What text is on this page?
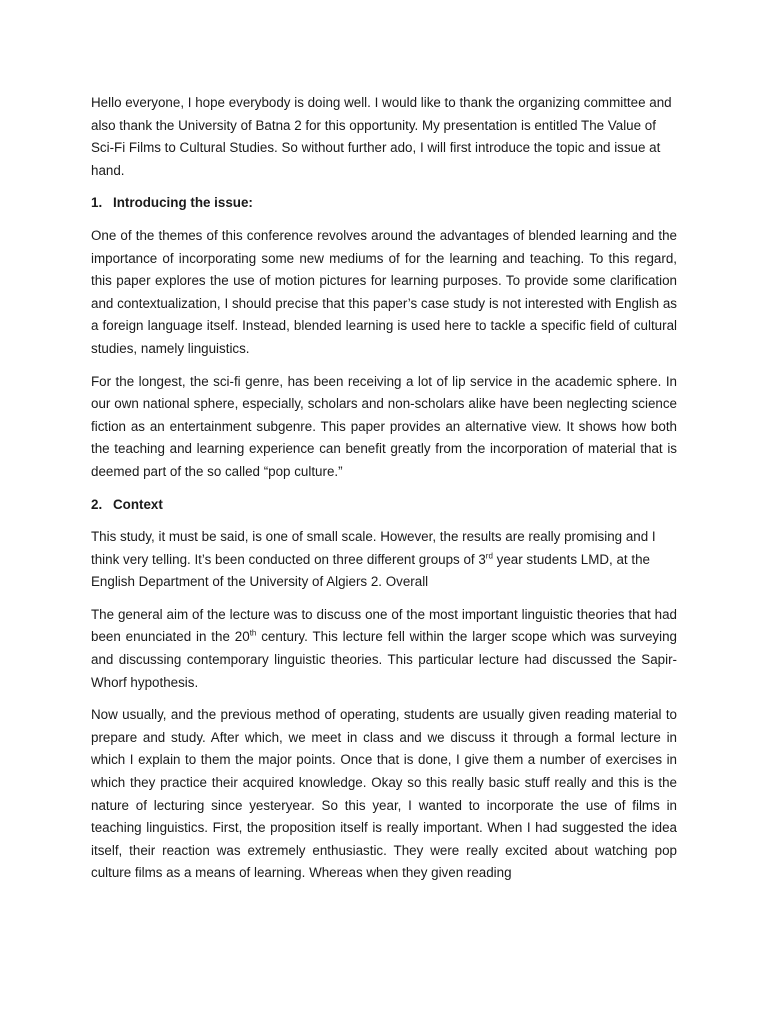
Hello everyone, I hope everybody is doing well. I would like to thank the organizing committee and also thank the University of Batna 2 for this opportunity. My presentation is entitled The Value of Sci-Fi Films to Cultural Studies. So without further ado, I will first introduce the topic and issue at hand.

1. Introducing the issue:

One of the themes of this conference revolves around the advantages of blended learning and the importance of incorporating some new mediums of for the learning and teaching. To this regard, this paper explores the use of motion pictures for learning purposes. To provide some clarification and contextualization, I should precise that this paper’s case study is not interested with English as a foreign language itself. Instead, blended learning is used here to tackle a specific field of cultural studies, namely linguistics.

For the longest, the sci-fi genre, has been receiving a lot of lip service in the academic sphere. In our own national sphere, especially, scholars and non-scholars alike have been neglecting science fiction as an entertainment subgenre. This paper provides an alternative view. It shows how both the teaching and learning experience can benefit greatly from the incorporation of material that is deemed part of the so called “pop culture.”

2. Context

This study, it must be said, is one of small scale. However, the results are really promising and I think very telling. It’s been conducted on three different groups of 3rd year students LMD, at the English Department of the University of Algiers 2. Overall

The general aim of the lecture was to discuss one of the most important linguistic theories that had been enunciated in the 20th century. This lecture fell within the larger scope which was surveying and discussing contemporary linguistic theories. This particular lecture had discussed the Sapir-Whorf hypothesis.

Now usually, and the previous method of operating, students are usually given reading material to prepare and study. After which, we meet in class and we discuss it through a formal lecture in which I explain to them the major points. Once that is done, I give them a number of exercises in which they practice their acquired knowledge. Okay so this really basic stuff really and this is the nature of lecturing since yesteryear. So this year, I wanted to incorporate the use of films in teaching linguistics. First, the proposition itself is really important. When I had suggested the idea itself, their reaction was extremely enthusiastic. They were really excited about watching pop culture films as a means of learning. Whereas when they given reading
